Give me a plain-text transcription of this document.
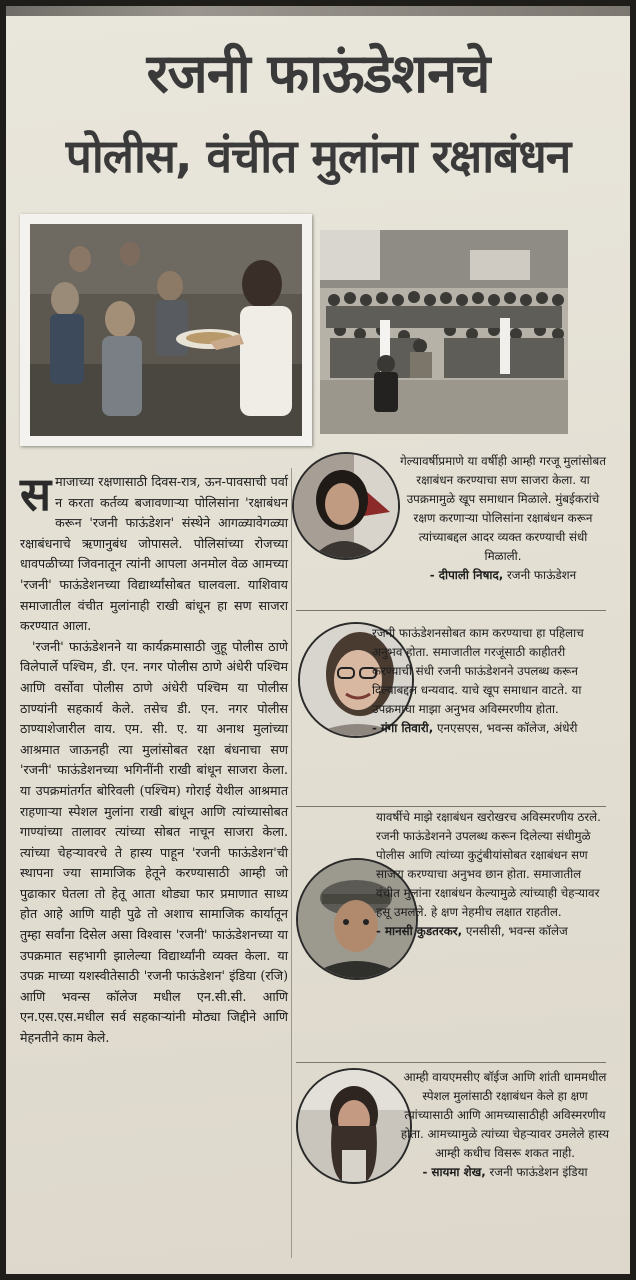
रजनी फाऊंडेशनचे
पोलीस, वंचीत मुलांना रक्षाबंधन

समाजाच्या रक्षणासाठी दिवस-रात्र, ऊन-पावसाची पर्वा न करता कर्तव्य बजावणाऱ्या पोलिसांना 'रक्षाबंधन करून 'रजनी फाऊंडेशन' संस्थेने आगळ्यावेगळ्या रक्षाबंधनाचे ऋणानुबंध जोपासले. पोलिसांच्या रोजच्या धावपळीच्या जिवनातून त्यांनी आपला अनमोल वेळ आमच्या 'रजनी' फाऊंडेशनच्या विद्यार्थ्यांसोबत घालवला. याशिवाय समाजातील वंचीत मुलांनाही राखी बांधून हा सण साजरा करण्यात आला.

'रजनी' फाऊंडेशनने या कार्यक्रमासाठी जुहू पोलीस ठाणे विलेपार्ले पश्चिम, डी. एन. नगर पोलीस ठाणे अंधेरी पश्चिम आणि वर्सोवा पोलीस ठाणे अंधेरी पश्चिम या पोलीस ठाण्यांनी सहकार्य केले. तसेच डी. एन. नगर पोलीस ठाण्याशेजारील वाय. एम. सी. ए. या अनाथ मुलांच्या आश्रमात जाऊनही त्या मुलांसोबत रक्षा बंधनाचा सण 'रजनी' फाऊंडेशनच्या भगिनींनी राखी बांधून साजरा केला. या उपक्रमांतर्गत बोरिवली (पश्चिम) गोराई येथील आश्रमात राहणाऱ्या स्पेशल मुलांना राखी बांधून आणि त्यांच्यासोबत गाण्यांच्या तालावर त्यांच्या सोबत नाचून साजरा केला. त्यांच्या चेहऱ्यावरचे ते हास्य पाहून 'रजनी फाऊंडेशन'ची स्थापना ज्या सामाजिक हेतूने करण्यासाठी आम्ही जो पुढाकार घेतला तो हेतू आता थोड्या फार प्रमाणात साध्य होत आहे आणि याही पुढे तो अशाच सामाजिक कार्यातून तुम्हा सर्वांना दिसेल असा विश्वास 'रजनी' फाऊंडेशनच्या या उपक्रमात सहभागी झालेल्या विद्यार्थ्यांनी व्यक्त केला. या उपक्र माच्या यशस्वीतेसाठी 'रजनी फाऊंडेशन' इंडिया (रजि) आणि भवन्स कॉलेज मधील एन.सी.सी. आणि एन.एस.एस.मधील सर्व सहकाऱ्यांनी मोठ्या जिद्दीने आणि मेहनतीने काम केले.

गेल्यावर्षीप्रमाणे या वर्षीही आम्ही गरजू मुलांसोबत रक्षाबंधन करण्याचा सण साजरा केला. या उपक्रमामुळे खूप समाधान मिळाले. मुंबईकरांचे रक्षण करणाऱ्या पोलिसांना रक्षाबंधन करून त्यांच्याबद्दल आदर व्यक्त करण्याची संधी मिळाली.
- दीपाली निषाद, रजनी फाऊंडेशन

रजनी फाऊंडेशनसोबत काम करण्याचा हा पहिलाच अनुभव होता. समाजातील गरजूंसाठी काहीतरी करण्याची संधी रजनी फाऊंडेशनने उपलब्ध करून दिल्याबद्दल धन्यवाद. याचे खूप समाधान वाटते. या उपक्रमाचा माझा अनुभव अविस्मरणीय होता.
- गंगा तिवारी, एनएसएस, भवन्स कॉलेज, अंधेरी

यावर्षीचे माझे रक्षाबंधन खरोखरच अविस्मरणीय ठरले. रजनी फाऊंडेशनने उपलब्ध करून दिलेल्या संधीमुळे पोलीस आणि त्यांच्या कुटुंबीयांसोबत रक्षाबंधन सण साजरा करण्याचा अनुभव छान होता. समाजातील वंचीत मुलांना रक्षाबंधन केल्यामुळे त्यांच्याही चेहऱ्यावर हसू उमलले. हे क्षण नेहमीच लक्षात राहतील.
- मानसी कुडतरकर, एनसीसी, भवन्स कॉलेज

आम्ही वायएमसीए बॉईज आणि शांती धाममधील स्पेशल मुलांसाठी रक्षाबंधन केले हा क्षण त्यांच्यासाठी आणि आमच्यासाठीही अविस्मरणीय होता. आमच्यामुळे त्यांच्या चेहऱ्यावर उमलेले हास्य आम्ही कधीच विसरू शकत नाही.
- सायमा शेख, रजनी फाऊंडेशन इंडिया
